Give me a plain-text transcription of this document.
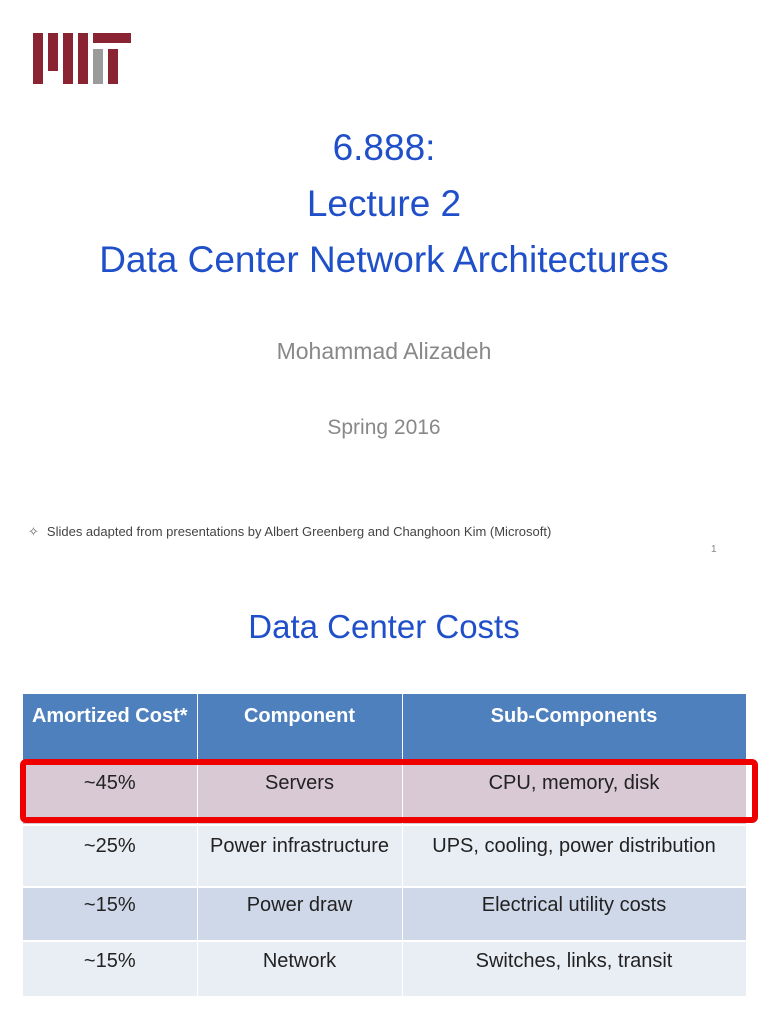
6.888:
Lecture 2
Data Center Network Architectures
Mohammad Alizadeh
Spring 2016
✧ Slides adapted from presentations by Albert Greenberg and Changhoon Kim (Microsoft)
1
Data Center Costs
Amortized Cost*	Component	Sub-Components
~45%	Servers	CPU, memory, disk
~25%	Power infrastructure	UPS, cooling, power distribution
~15%	Power draw	Electrical utility costs
~15%	Network	Switches, links, transit
